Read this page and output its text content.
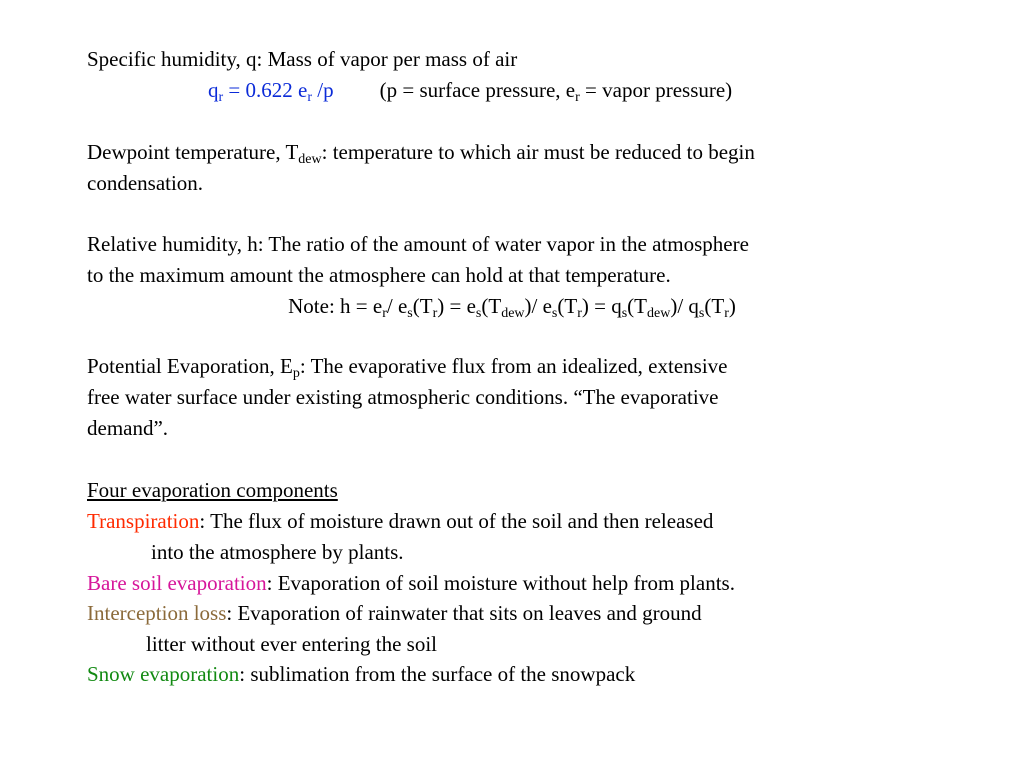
Specific humidity, q: Mass of vapor per mass of air
$q_r = 0.622$ $e_r$ /p (p = surface pressure, $e_r$ = vapor pressure)
Dewpoint temperature, $T_{dew}$: temperature to which air must be reduced to begin
condensation.
Relative humidity, h: The ratio of the amount of water vapor in the atmosphere
to the maximum amount the atmosphere can hold at that temperature.
Note: $h = e_r/$ $e_s(T_r) = e_s(T_{dew})/$ $e_s(T_r) = q_s(T_{dew})/$ $q_s(T_r)$
Potential Evaporation, $E_p$: The evaporative flux from an idealized, extensive
free water surface under existing atmospheric conditions. “The evaporative
demand”.
Four evaporation components
Transpiration: The flux of moisture drawn out of the soil and then released
into the atmosphere by plants.
Bare soil evaporation: Evaporation of soil moisture without help from plants.
Interception loss: Evaporation of rainwater that sits on leaves and ground
litter without ever entering the soil
Snow evaporation: sublimation from the surface of the snowpack
